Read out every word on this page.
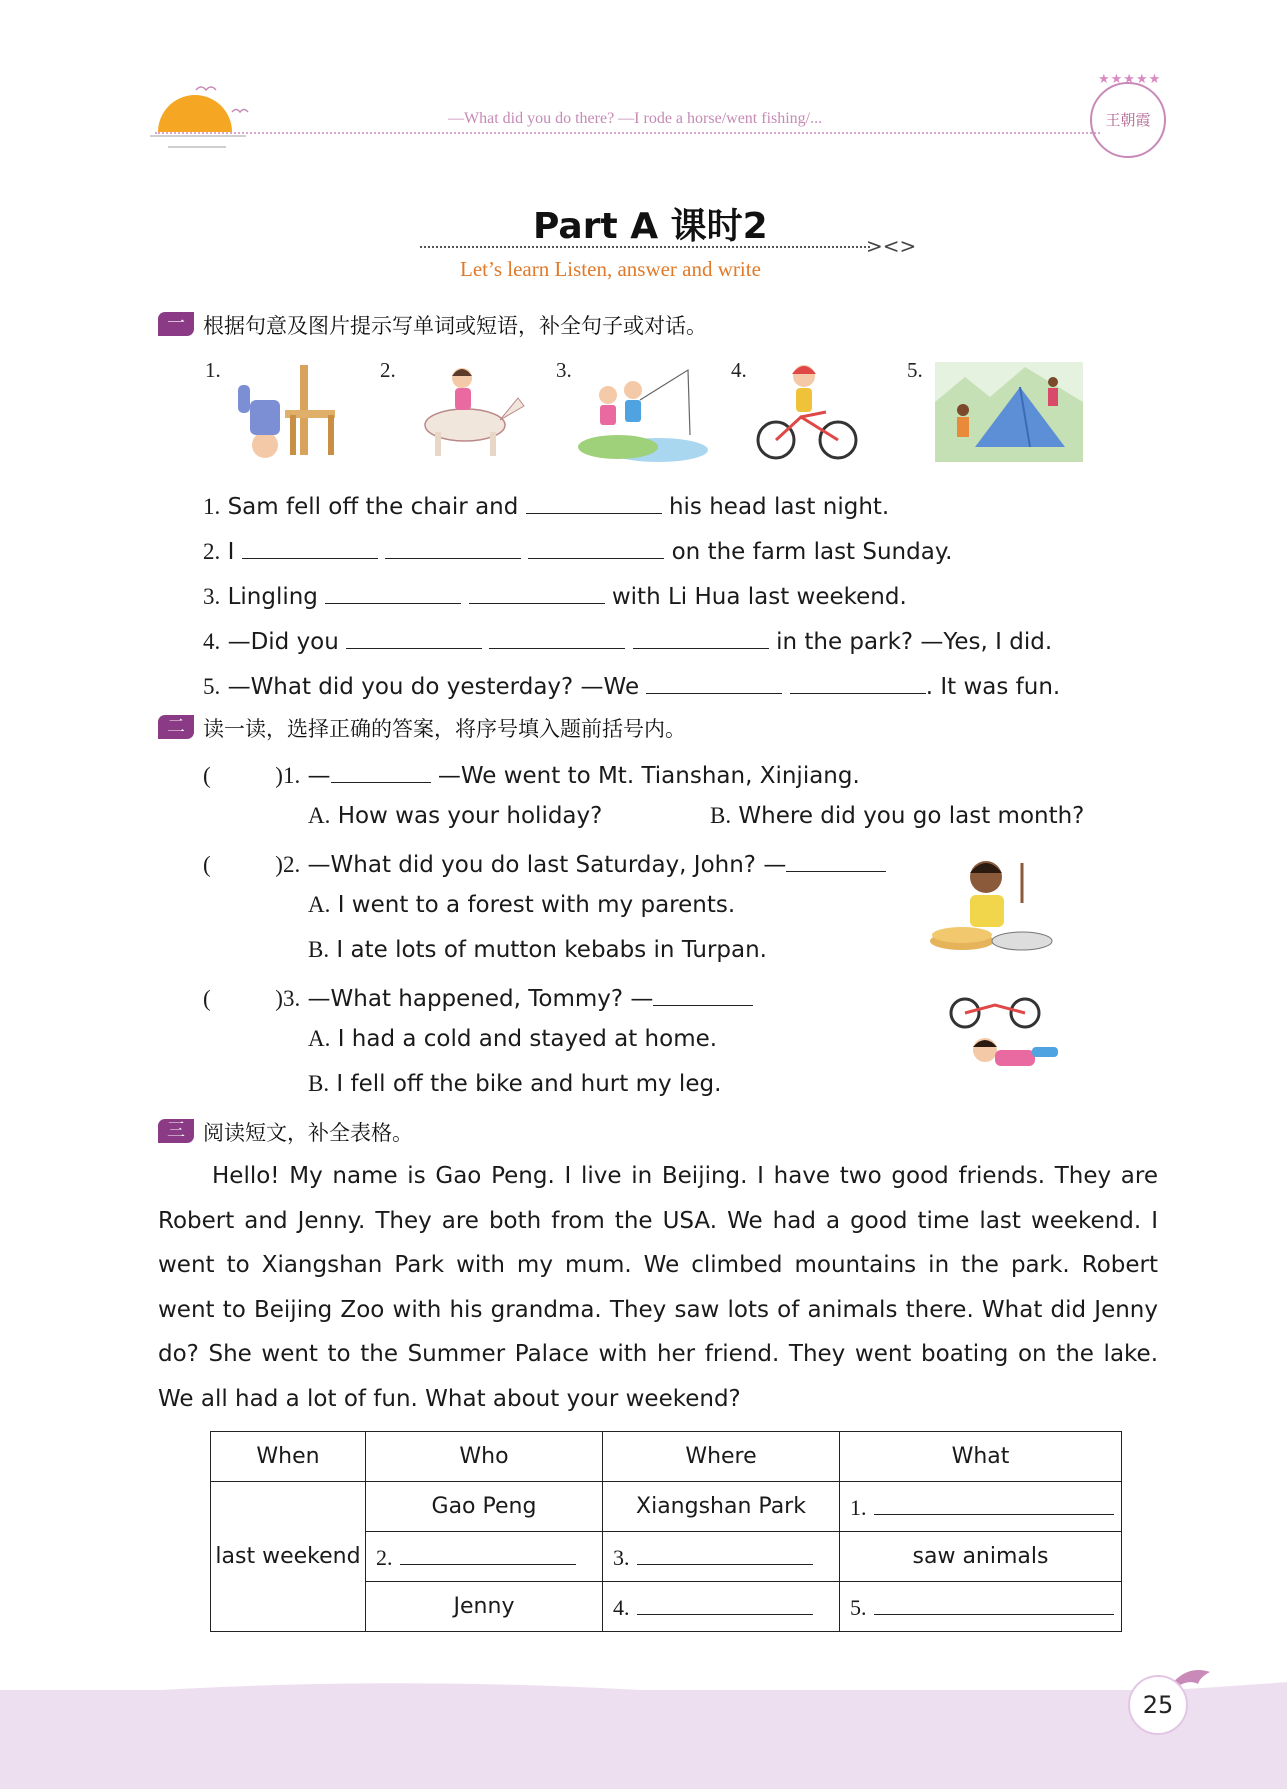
—What did you do there? —I rode a horse/went fishing/...
★★★★★
王朝霞
Part A 课时2	><>
Let’s learn Listen, answer and write
一 根据句意及图片提示写单词或短语，补全句子或对话。
1.	2.	3.	4.	5.
1. Sam fell off the chair and	his head last night.
2. I	on the farm last Sunday.
3. Lingling	with Li Hua last weekend.
4. —Did you	in the park? —Yes, I did.
5. —What did you do yesterday? —We	. It was fun.
二 读一读，选择正确的答案，将序号填入题前括号内。
(	)1. —	—We went to Mt. Tianshan, Xinjiang.
A. How was your holiday?	B. Where did you go last month?
(	)2. —What did you do last Saturday, John? —
A. I went to a forest with my parents.
B. I ate lots of mutton kebabs in Turpan.
(	)3. —What happened, Tommy? —
A. I had a cold and stayed at home.
B. I fell off the bike and hurt my leg.
三 阅读短文，补全表格。
Hello! My name is Gao Peng. I live in Beijing. I have two good friends. They are Robert and Jenny. They are both from the USA. We had a good time last weekend. I went to Xiangshan Park with my mum. We climbed mountains in the park. Robert went to Beijing Zoo with his grandma. They saw lots of animals there. What did Jenny do? She went to the Summer Palace with her friend. They went boating on the lake. We all had a lot of fun. What about your weekend?
When	Who	Where	What
last weekend	Gao Peng	Xiangshan Park	1.
	2.	3.	saw animals
	Jenny	4.	5.
25
